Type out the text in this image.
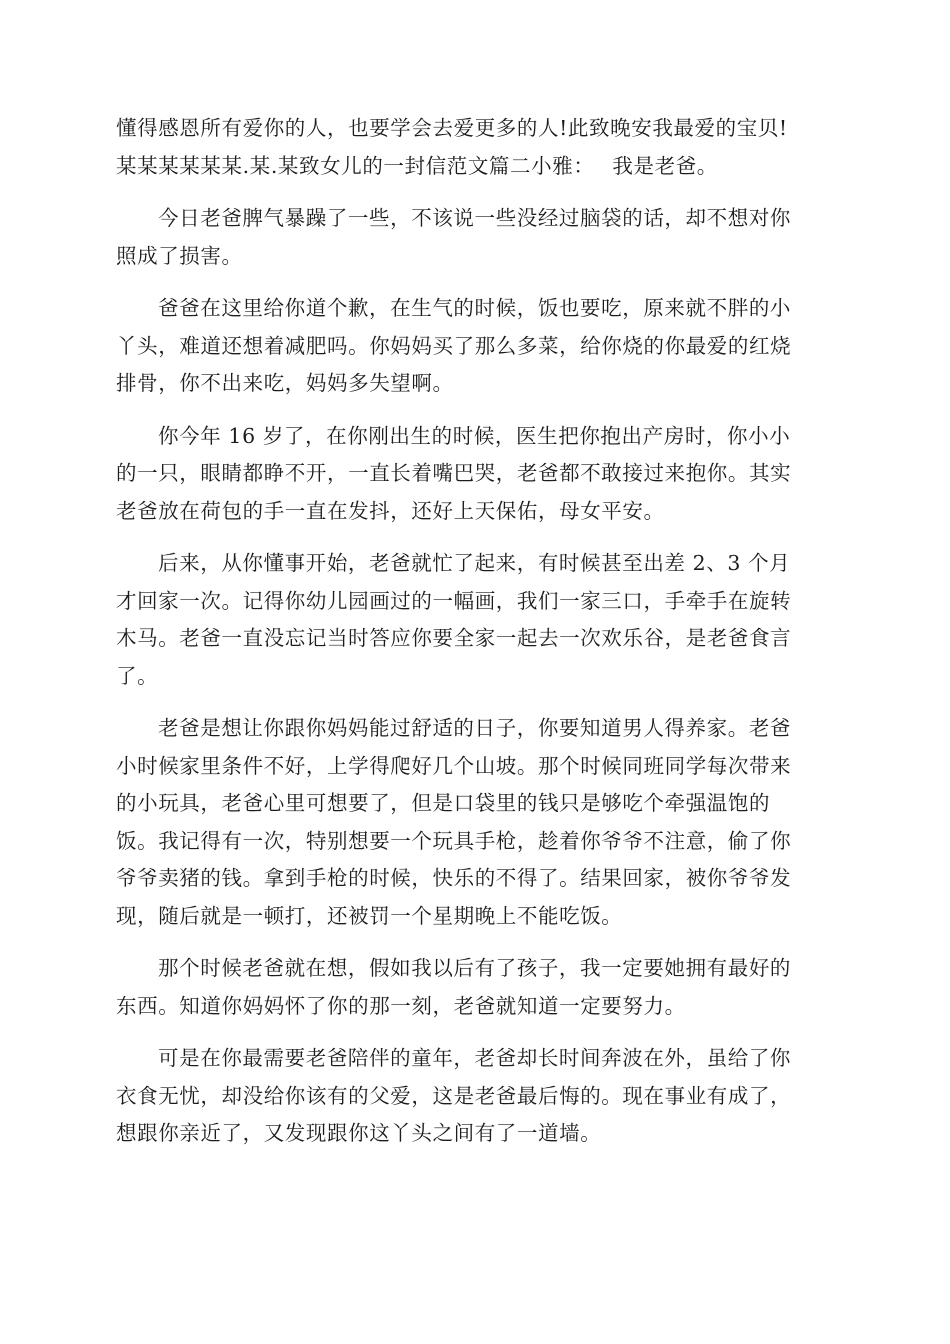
懂得感恩所有爱你的人，也要学会去爱更多的人!此致晚安我最爱的宝贝!
某某某某某某.某.某致女儿的一封信范文篇二小雅：　 我是老爸。

今日老爸脾气暴躁了一些，不该说一些没经过脑袋的话，却不想对你
照成了损害。

爸爸在这里给你道个歉，在生气的时候，饭也要吃，原来就不胖的小
丫头，难道还想着减肥吗。你妈妈买了那么多菜，给你烧的你最爱的红烧
排骨，你不出来吃，妈妈多失望啊。

你今年 16 岁了，在你刚出生的时候，医生把你抱出产房时，你小小
的一只，眼睛都睁不开，一直长着嘴巴哭，老爸都不敢接过来抱你。其实
老爸放在荷包的手一直在发抖，还好上天保佑，母女平安。

后来，从你懂事开始，老爸就忙了起来，有时候甚至出差 2、3 个月
才回家一次。记得你幼儿园画过的一幅画，我们一家三口，手牵手在旋转
木马。老爸一直没忘记当时答应你要全家一起去一次欢乐谷，是老爸食言
了。

老爸是想让你跟你妈妈能过舒适的日子，你要知道男人得养家。老爸
小时候家里条件不好，上学得爬好几个山坡。那个时候同班同学每次带来
的小玩具，老爸心里可想要了，但是口袋里的钱只是够吃个牵强温饱的
饭。我记得有一次，特别想要一个玩具手枪，趁着你爷爷不注意，偷了你
爷爷卖猪的钱。拿到手枪的时候，快乐的不得了。结果回家，被你爷爷发
现，随后就是一顿打，还被罚一个星期晚上不能吃饭。

那个时候老爸就在想，假如我以后有了孩子，我一定要她拥有最好的
东西。知道你妈妈怀了你的那一刻，老爸就知道一定要努力。

可是在你最需要老爸陪伴的童年，老爸却长时间奔波在外，虽给了你
衣食无忧，却没给你该有的父爱，这是老爸最后悔的。现在事业有成了，
想跟你亲近了，又发现跟你这丫头之间有了一道墙。
